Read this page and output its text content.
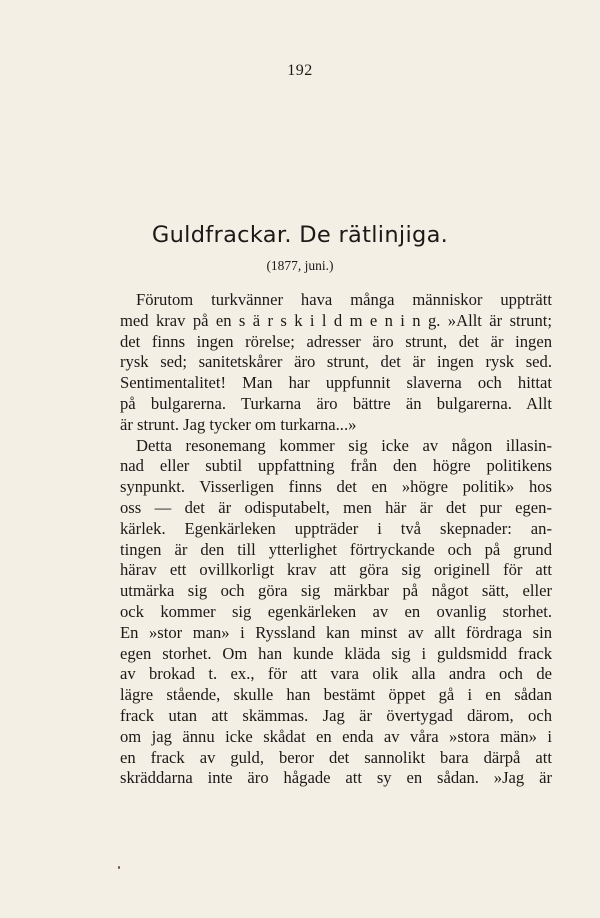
192
Guldfrackar. De rätlinjiga.
(1877, juni.)
Förutom turkvänner hava många människor uppträtt
med krav på en s ä r s k i l d m e n i n g. »Allt är strunt;
det finns ingen rörelse; adresser äro strunt, det är ingen
rysk sed; sanitetskårer äro strunt, det är ingen rysk sed.
Sentimentalitet! Man har uppfunnit slaverna och hittat
på bulgarerna. Turkarna äro bättre än bulgarerna. Allt
är strunt. Jag tycker om turkarna...»
Detta resonemang kommer sig icke av någon illasin-
nad eller subtil uppfattning från den högre politikens
synpunkt. Visserligen finns det en »högre politik» hos
oss — det är odisputabelt, men här är det pur egen-
kärlek. Egenkärleken uppträder i två skepnader: an-
tingen är den till ytterlighet förtryckande och på grund
härav ett ovillkorligt krav att göra sig originell för att
utmärka sig och göra sig märkbar på något sätt, eller
ock kommer sig egenkärleken av en ovanlig storhet.
En »stor man» i Ryssland kan minst av allt fördraga sin
egen storhet. Om han kunde kläda sig i guldsmidd frack
av brokad t. ex., för att vara olik alla andra och de
lägre stående, skulle han bestämt öppet gå i en sådan
frack utan att skämmas. Jag är övertygad därom, och
om jag ännu icke skådat en enda av våra »stora män» i
en frack av guld, beror det sannolikt bara därpå att
skräddarna inte äro hågade att sy en sådan. »Jag är
